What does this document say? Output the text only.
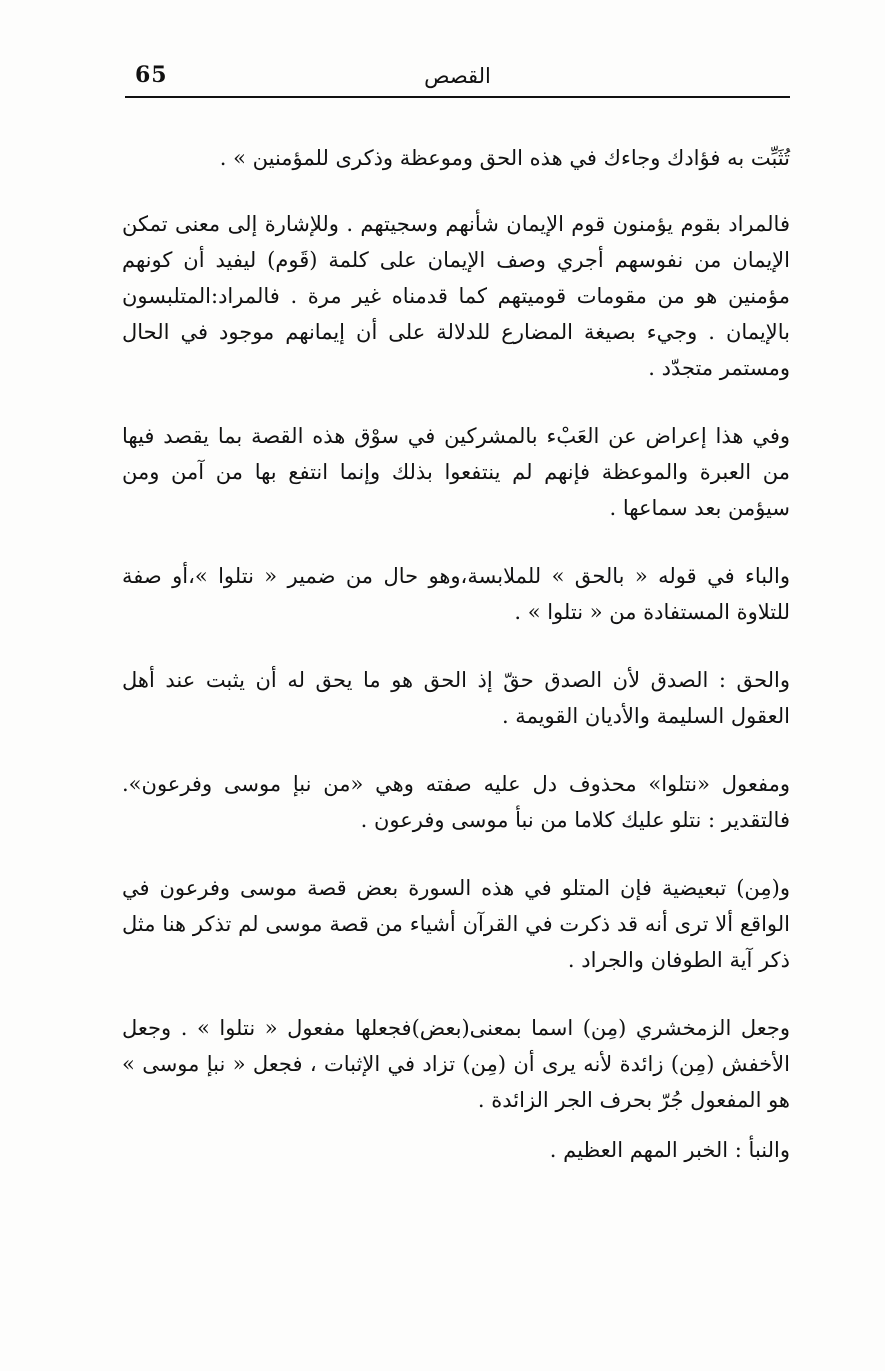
65	القصص

تُثَبِّت به فؤادك وجاءك في هذه الحق وموعظة وذكرى للمؤمنين » .

فالمراد بقوم يؤمنون قوم الإيمان شأنهم وسجيتهم . وللإشارة إلى معنى تمكن الإيمان من نفوسهم أجري وصف الإيمان على كلمة (قَوم) ليفيد أن كونهم مؤمنين هو من مقومات قوميتهم كما قدمناه غير مرة . فالمراد:المتلبسون بالإيمان . وجيء بصيغة المضارع للدلالة على أن إيمانهم موجود في الحال ومستمر متجدّد .

وفي هذا إعراض عن العَبْء بالمشركين في سوْق هذه القصة بما يقصد فيها من العبرة والموعظة فإنهم لم ينتفعوا بذلك وإنما انتفع بها من آمن ومن سيؤمن بعد سماعها .

والباء في قوله « بالحق » للملابسة،وهو حال من ضمير « نتلوا »،أو صفة للتلاوة المستفادة من « نتلوا » .

والحق : الصدق لأن الصدق حقّ إذ الحق هو ما يحق له أن يثبت عند أهل العقول السليمة والأديان القويمة .

ومفعول «نتلوا» محذوف دل عليه صفته وهي «من نبإ موسى وفرعون». فالتقدير : نتلو عليك كلاما من نبأ موسى وفرعون .

و(مِن) تبعيضية فإن المتلو في هذه السورة بعض قصة موسى وفرعون في الواقع ألا ترى أنه قد ذكرت في القرآن أشياء من قصة موسى لم تذكر هنا مثل ذكر آية الطوفان والجراد .

وجعل الزمخشري (مِن) اسما بمعنى(بعض)فجعلها مفعول « نتلوا » . وجعل الأخفش (مِن) زائدة لأنه يرى أن (مِن) تزاد في الإثبات ، فجعل « نبإ موسى » هو المفعول جُرّ بحرف الجر الزائدة .

والنبأ : الخبر المهم العظيم .
